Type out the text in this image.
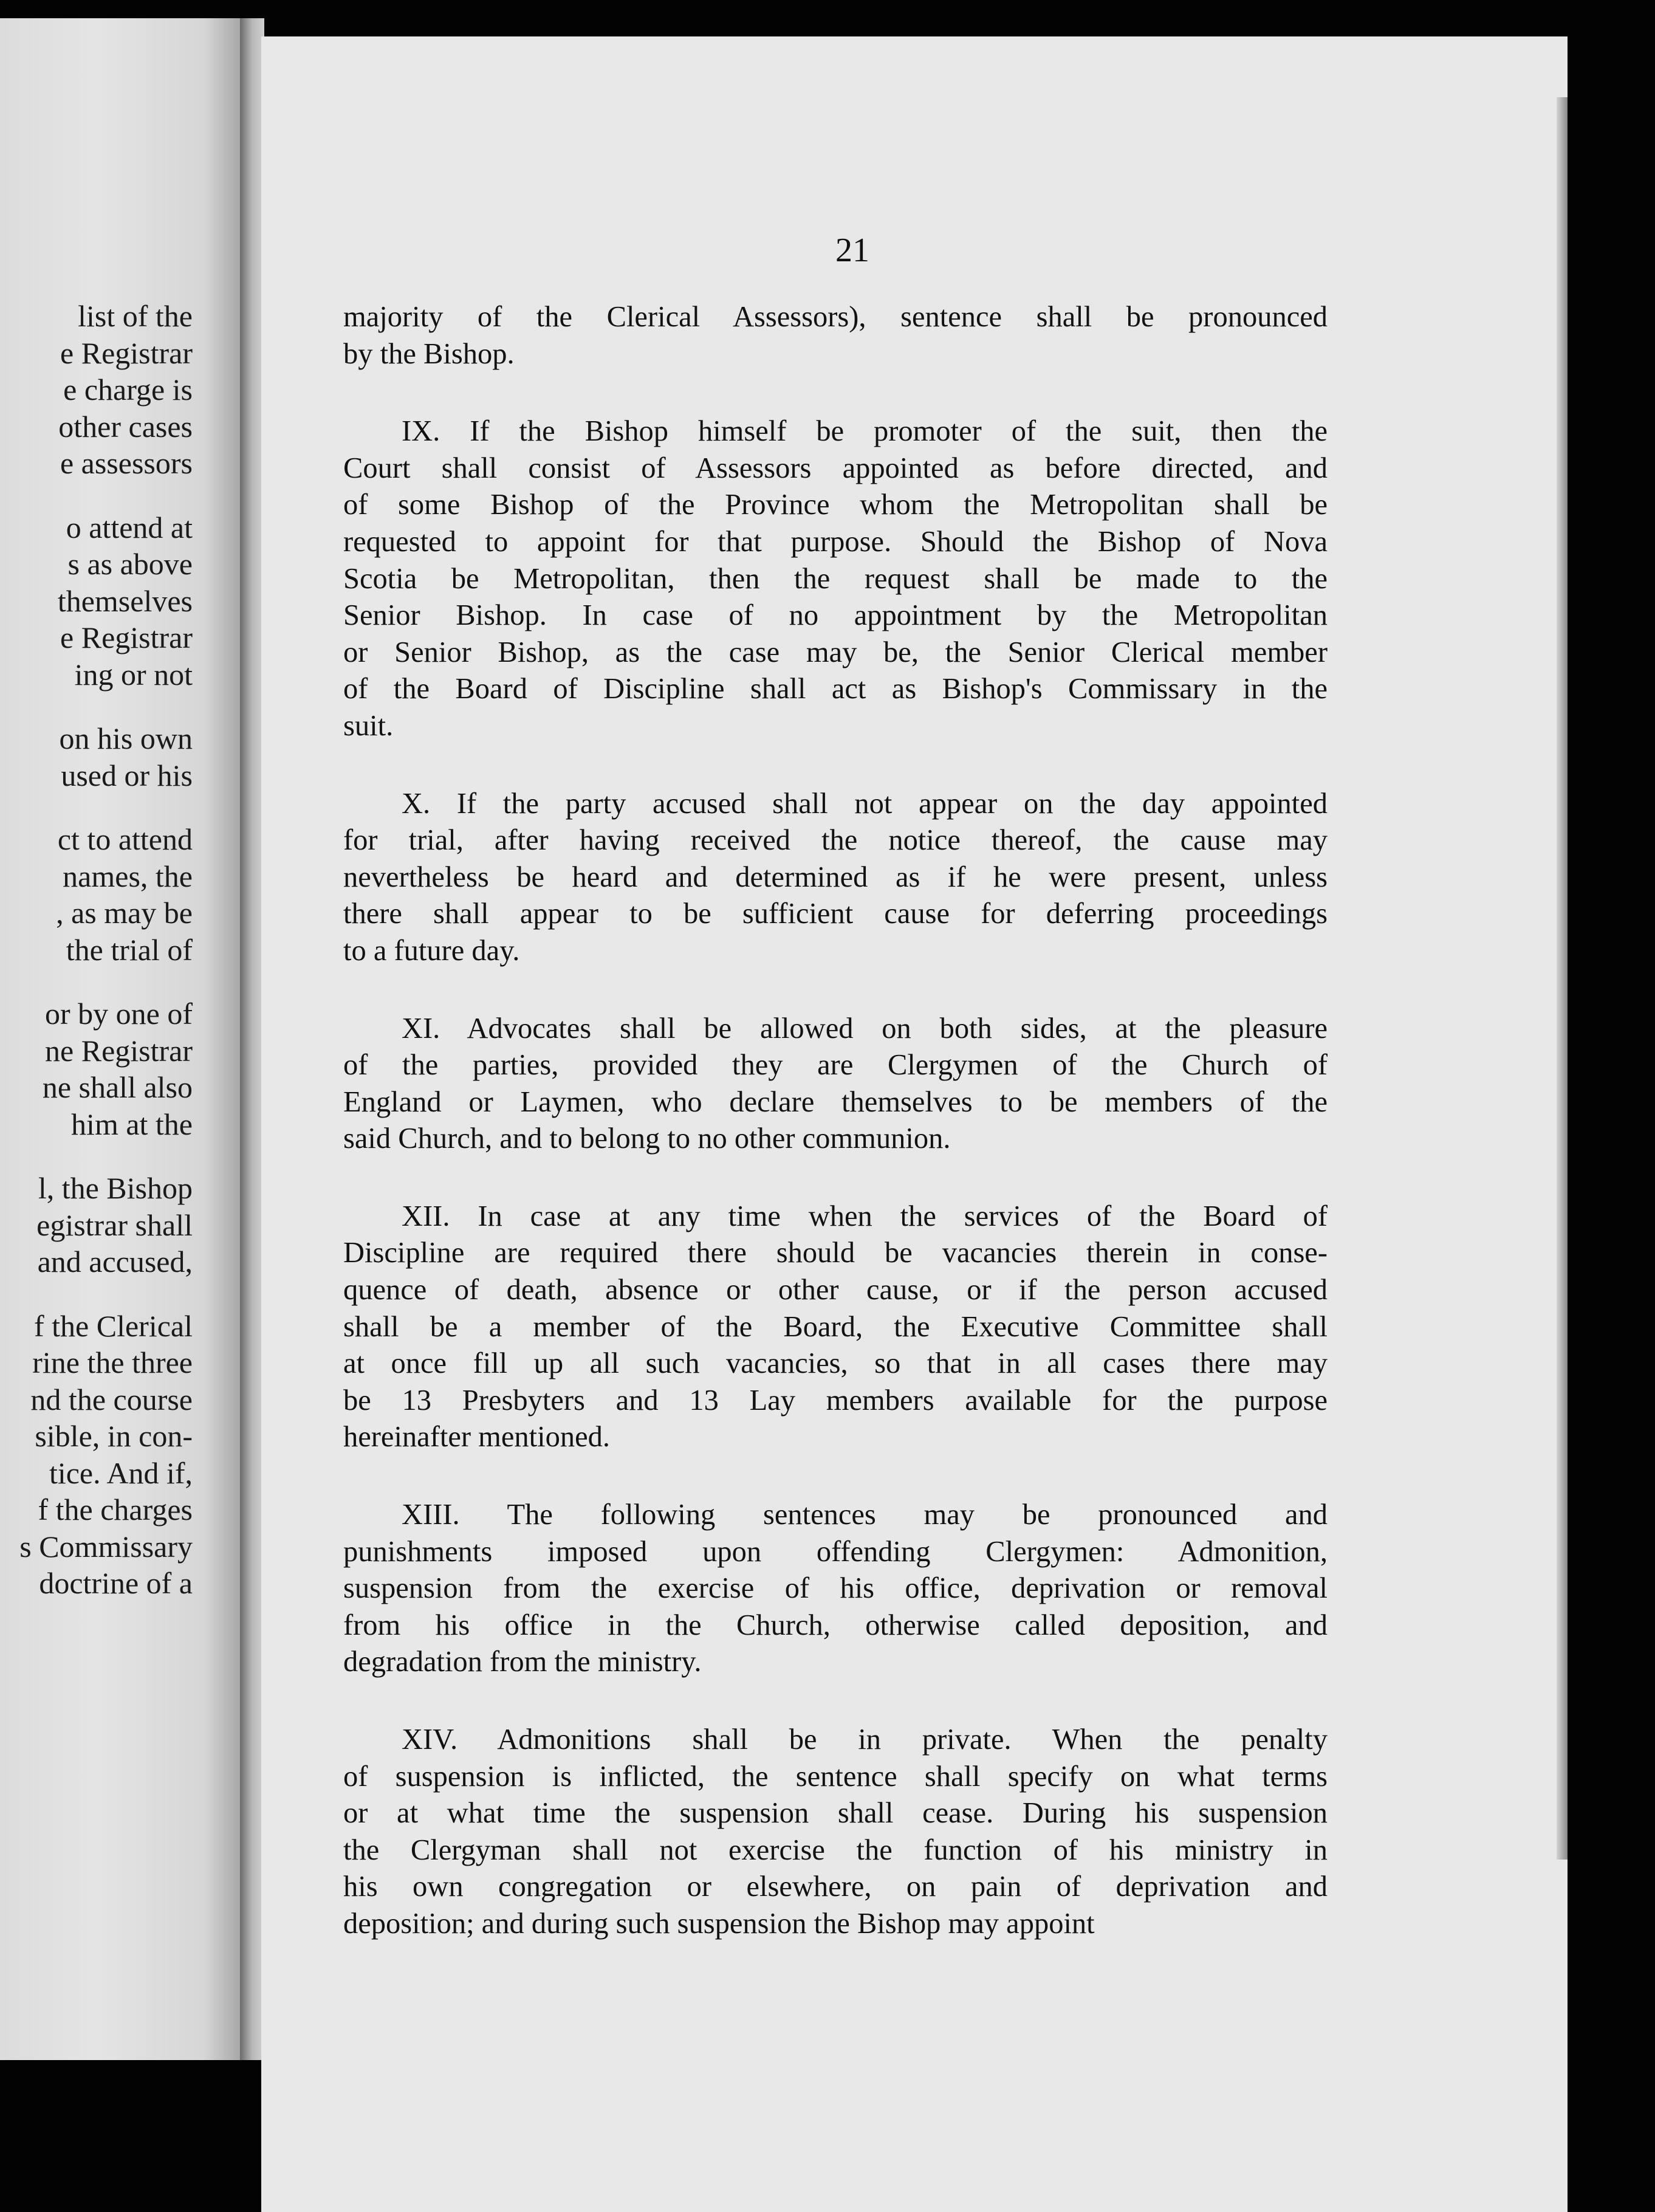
list of the
e Registrar
e charge is
other cases
e assessors
o attend at
s as above
themselves
e Registrar
ing or not
on his own
used or his
ct to attend
names, the
, as may be
the trial of
or by one of
ne Registrar
ne shall also
him at the
l, the Bishop
egistrar shall
and accused,
f the Clerical
rine the three
nd the course
sible, in con-
tice. And if,
f the charges
s Commissary
doctrine of a
21
majority of the Clerical Assessors), sentence shall be pronounced
by the Bishop.
IX. If the Bishop himself be promoter of the suit, then the
Court shall consist of Assessors appointed as before directed, and
of some Bishop of the Province whom the Metropolitan shall be
requested to appoint for that purpose. Should the Bishop of Nova
Scotia be Metropolitan, then the request shall be made to the
Senior Bishop. In case of no appointment by the Metropolitan
or Senior Bishop, as the case may be, the Senior Clerical member
of the Board of Discipline shall act as Bishop's Commissary in the
suit.
X. If the party accused shall not appear on the day appointed
for trial, after having received the notice thereof, the cause may
nevertheless be heard and determined as if he were present, unless
there shall appear to be sufficient cause for deferring proceedings
to a future day.
XI. Advocates shall be allowed on both sides, at the pleasure
of the parties, provided they are Clergymen of the Church of
England or Laymen, who declare themselves to be members of the
said Church, and to belong to no other communion.
XII. In case at any time when the services of the Board of
Discipline are required there should be vacancies therein in conse-
quence of death, absence or other cause, or if the person accused
shall be a member of the Board, the Executive Committee shall
at once fill up all such vacancies, so that in all cases there may
be 13 Presbyters and 13 Lay members available for the purpose
hereinafter mentioned.
XIII. The following sentences may be pronounced and
punishments imposed upon offending Clergymen: Admonition,
suspension from the exercise of his office, deprivation or removal
from his office in the Church, otherwise called deposition, and
degradation from the ministry.
XIV. Admonitions shall be in private. When the penalty
of suspension is inflicted, the sentence shall specify on what terms
or at what time the suspension shall cease. During his suspension
the Clergyman shall not exercise the function of his ministry in
his own congregation or elsewhere, on pain of deprivation and
deposition; and during such suspension the Bishop may appoint
